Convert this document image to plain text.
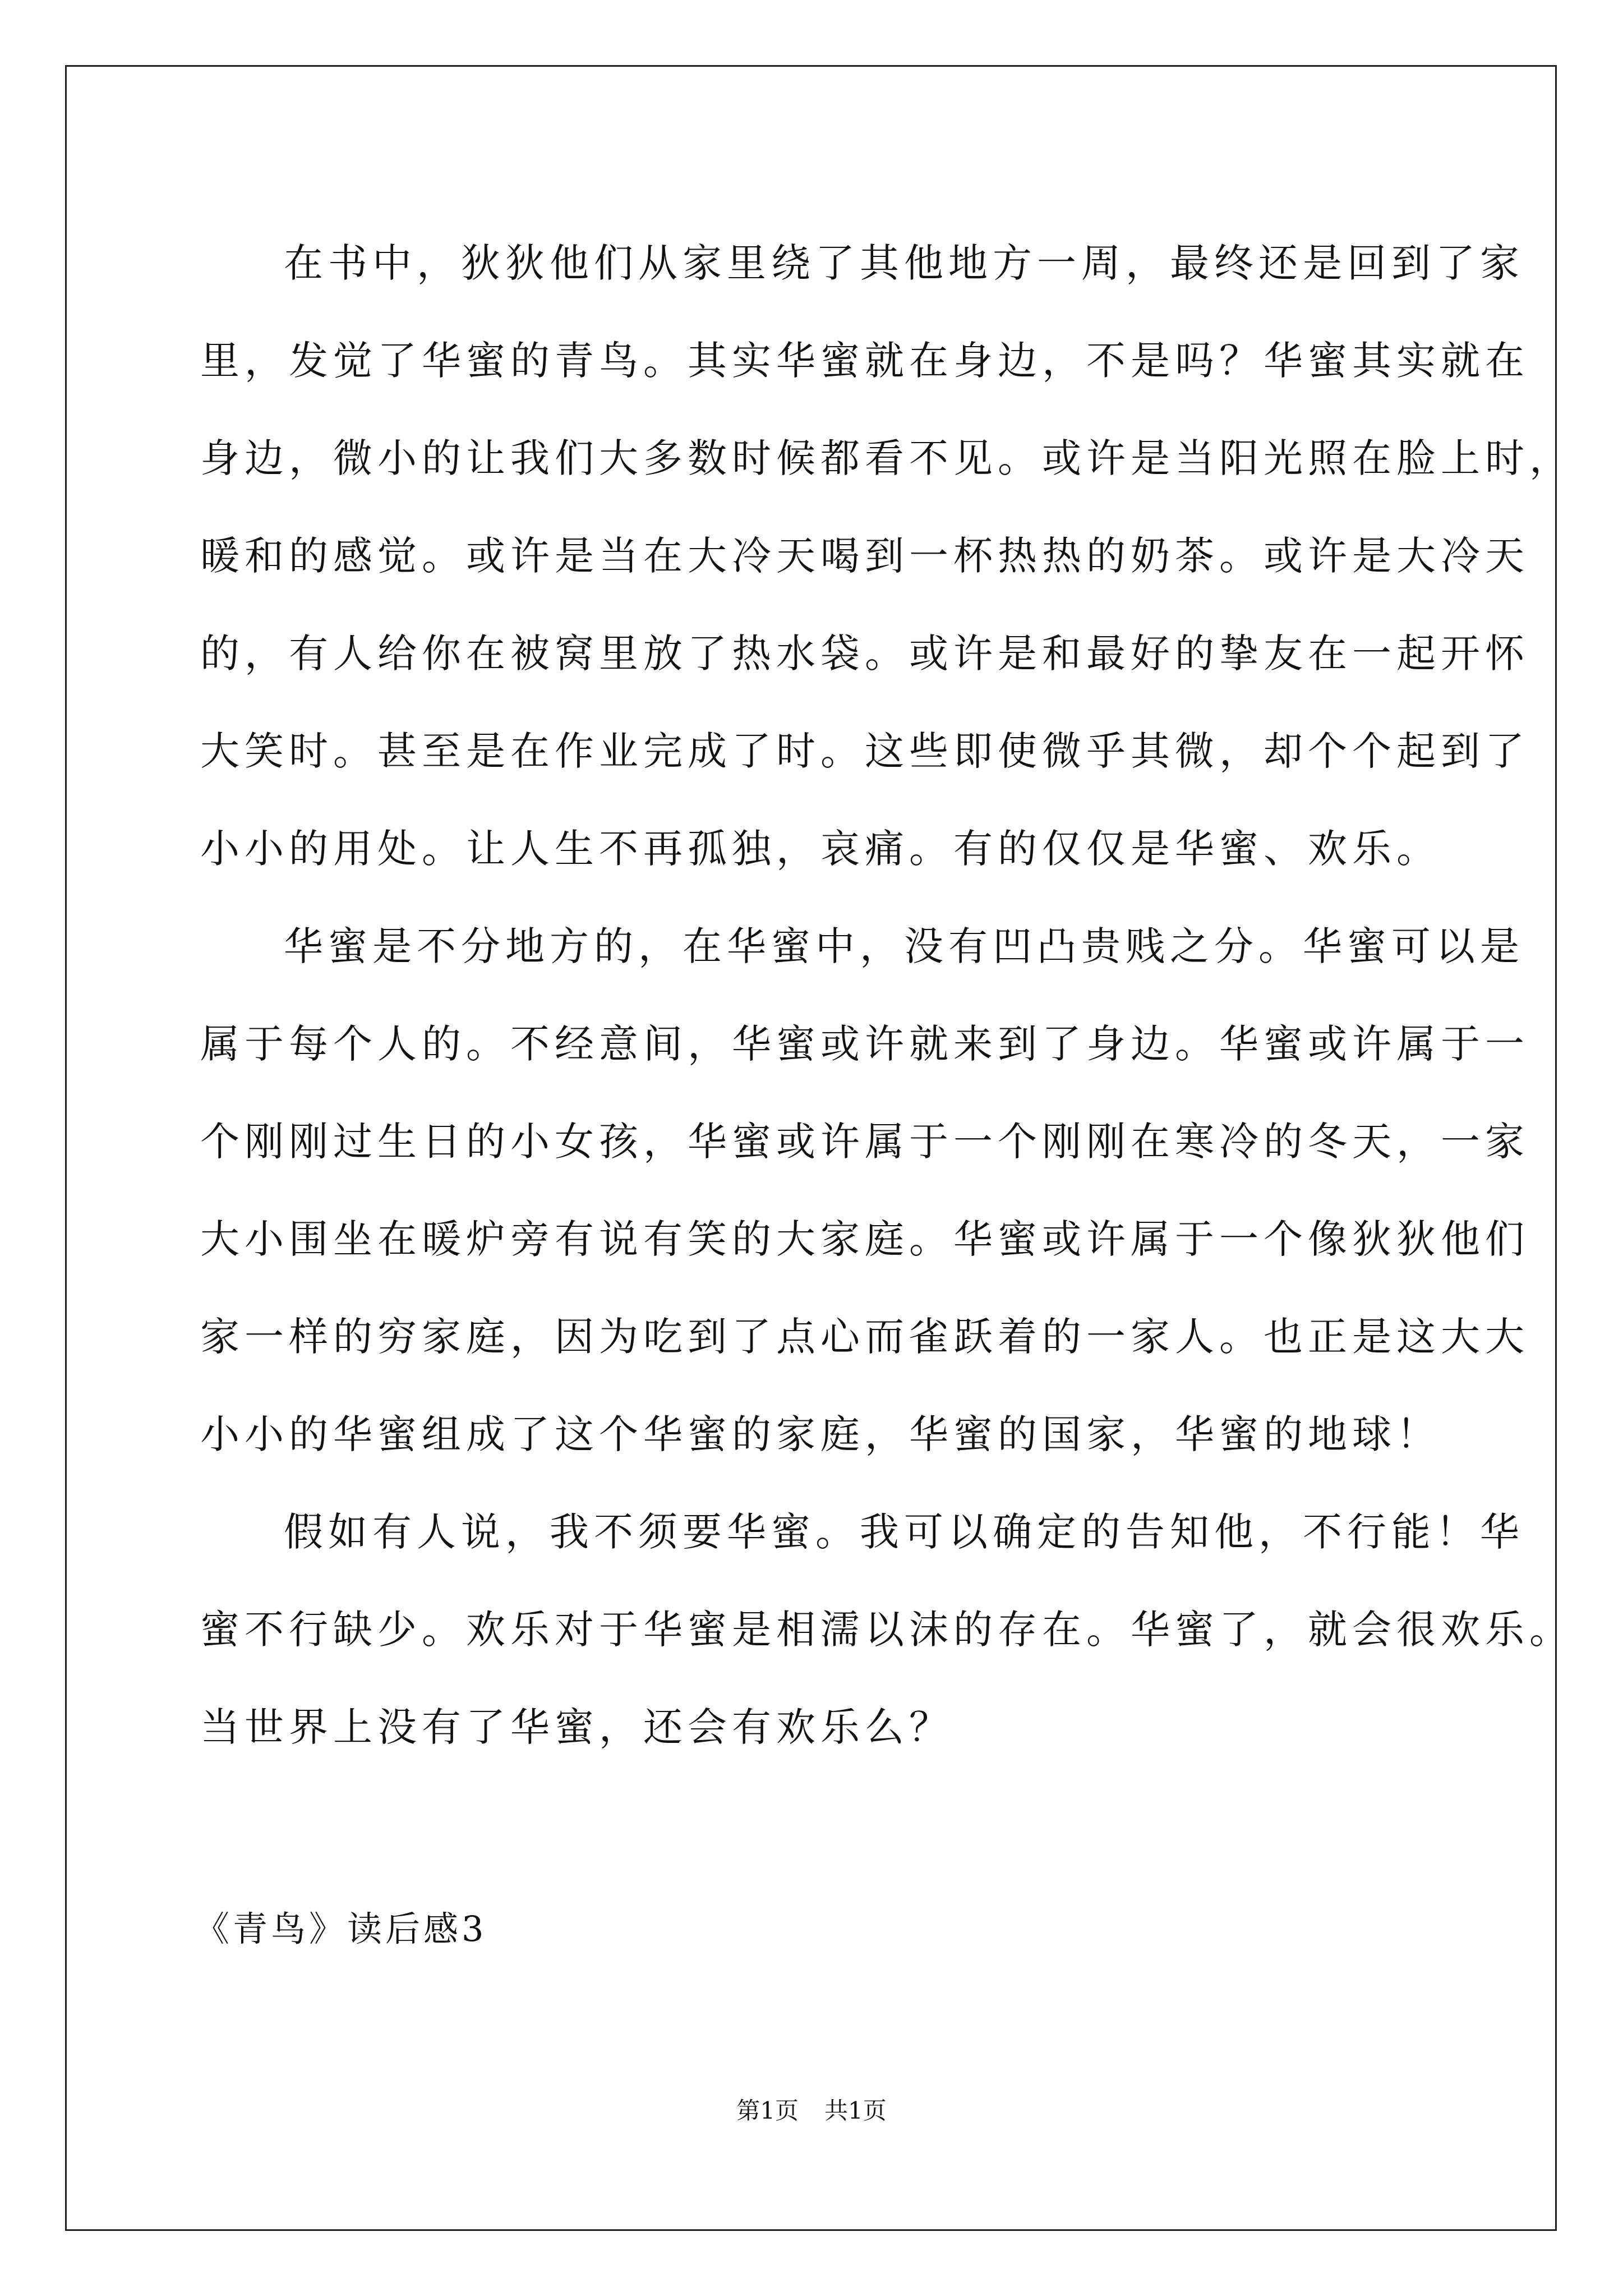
在书中，狄狄他们从家里绕了其他地方一周，最终还是回到了家

里，发觉了华蜜的青鸟。其实华蜜就在身边，不是吗？华蜜其实就在

身边，微小的让我们大多数时候都看不见。或许是当阳光照在脸上时，

暖和的感觉。或许是当在大冷天喝到一杯热热的奶茶。或许是大冷天

的，有人给你在被窝里放了热水袋。或许是和最好的挚友在一起开怀

大笑时。甚至是在作业完成了时。这些即使微乎其微，却个个起到了

小小的用处。让人生不再孤独，哀痛。有的仅仅是华蜜、欢乐。

华蜜是不分地方的，在华蜜中，没有凹凸贵贱之分。华蜜可以是

属于每个人的。不经意间，华蜜或许就来到了身边。华蜜或许属于一

个刚刚过生日的小女孩，华蜜或许属于一个刚刚在寒冷的冬天，一家

大小围坐在暖炉旁有说有笑的大家庭。华蜜或许属于一个像狄狄他们

家一样的穷家庭，因为吃到了点心而雀跃着的一家人。也正是这大大

小小的华蜜组成了这个华蜜的家庭，华蜜的国家，华蜜的地球！

假如有人说，我不须要华蜜。我可以确定的告知他，不行能！华

蜜不行缺少。欢乐对于华蜜是相濡以沫的存在。华蜜了，就会很欢乐。

当世界上没有了华蜜，还会有欢乐么？

《青鸟》读后感3
第1页 共1页
